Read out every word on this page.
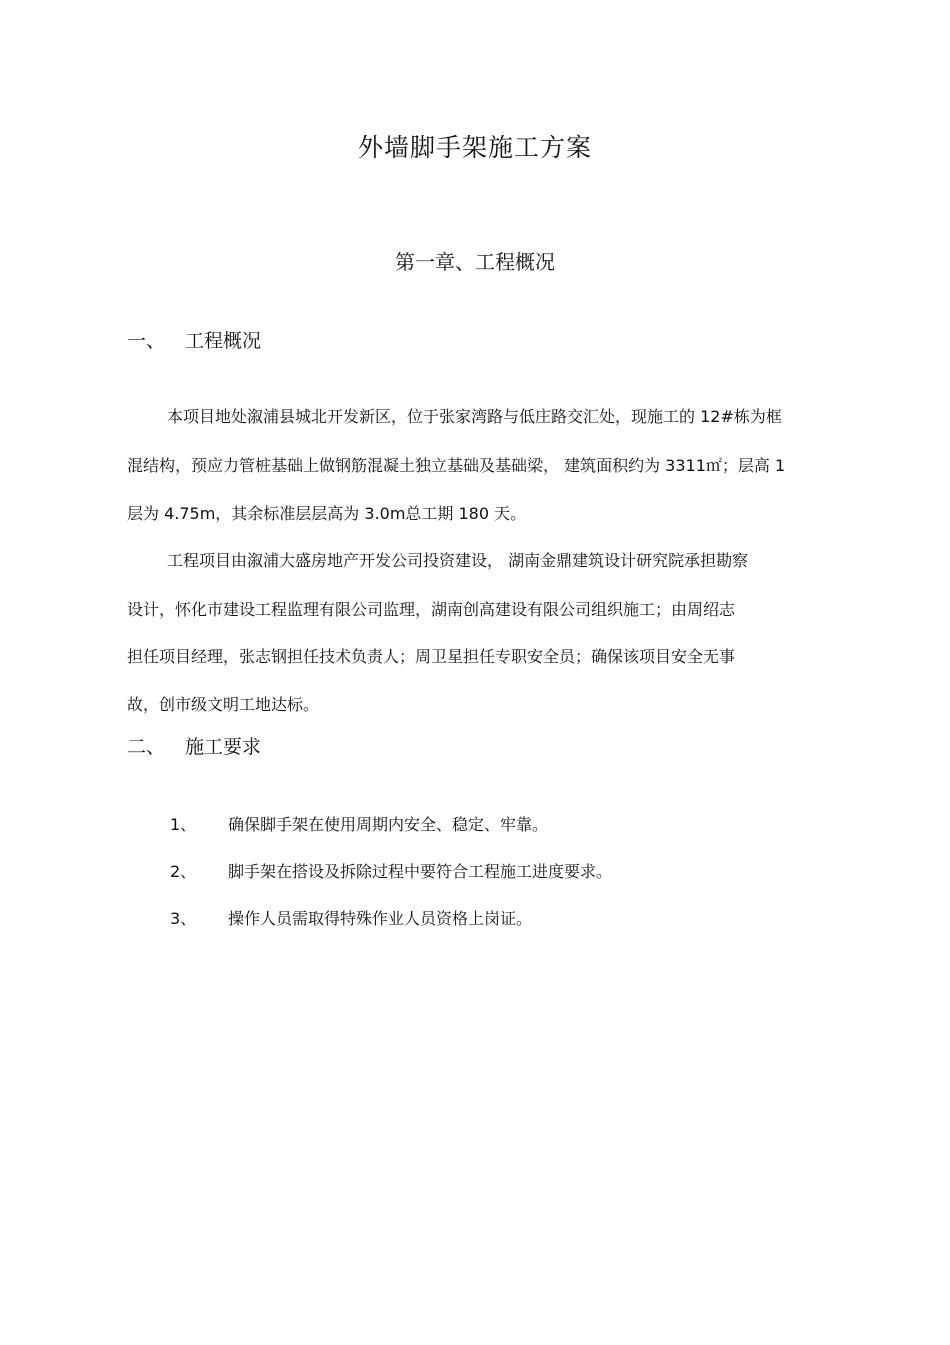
外墙脚手架施工方案
第一章、工程概况
一、 工程概况
本项目地处溆浦县城北开发新区，位于张家湾路与低庄路交汇处，现施工的 12#栋为框
混结构，预应力管桩基础上做钢筋混凝土独立基础及基础梁， 建筑面积约为 3311㎡；层高 1
层为 4.75m，其余标准层层高为 3.0m总工期 180 天。
工程项目由溆浦大盛房地产开发公司投资建设， 湖南金鼎建筑设计研究院承担勘察
设计，怀化市建设工程监理有限公司监理，湖南创高建设有限公司组织施工；由周绍志
担任项目经理，张志钢担任技术负责人；周卫星担任专职安全员；确保该项目安全无事
故，创市级文明工地达标。
二、 施工要求
1、 确保脚手架在使用周期内安全、稳定、牢靠。
2、 脚手架在搭设及拆除过程中要符合工程施工进度要求。
3、 操作人员需取得特殊作业人员资格上岗证。
